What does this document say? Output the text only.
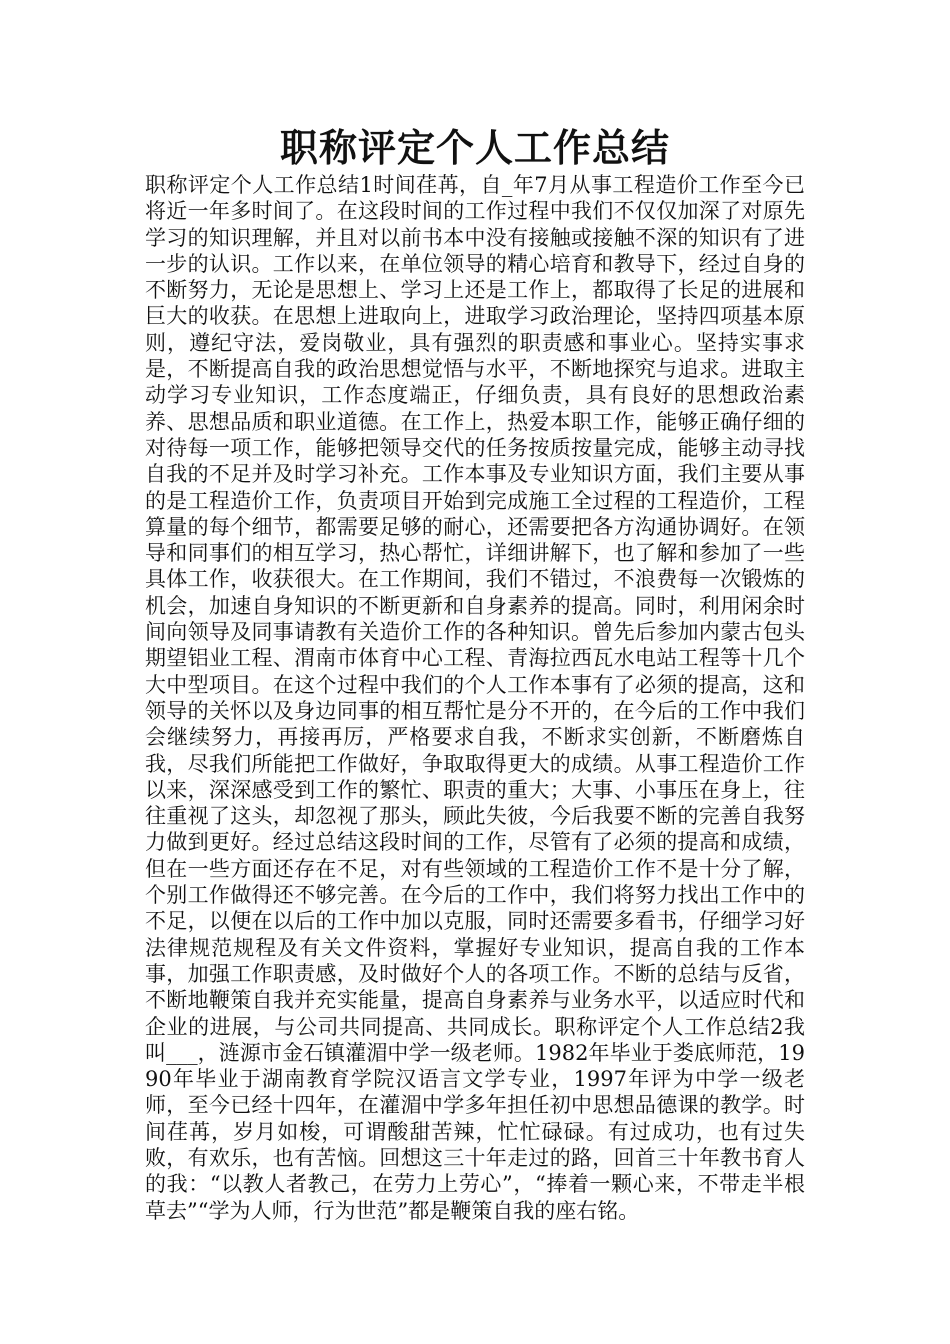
职称评定个人工作总结

职称评定个人工作总结1时间荏苒，自_年7月从事工程造价工作至今已将近一年多时间了。在这段时间的工作过程中我们不仅仅加深了对原先学习的知识理解，并且对以前书本中没有接触或接触不深的知识有了进一步的认识。工作以来，在单位领导的精心培育和教导下，经过自身的不断努力，无论是思想上、学习上还是工作上，都取得了长足的进展和巨大的收获。在思想上进取向上，进取学习政治理论，坚持四项基本原则，遵纪守法，爱岗敬业，具有强烈的职责感和事业心。坚持实事求是，不断提高自我的政治思想觉悟与水平，不断地探究与追求。进取主动学习专业知识，工作态度端正，仔细负责，具有良好的思想政治素养、思想品质和职业道德。在工作上，热爱本职工作，能够正确仔细的对待每一项工作，能够把领导交代的任务按质按量完成，能够主动寻找自我的不足并及时学习补充。工作本事及专业知识方面，我们主要从事的是工程造价工作，负责项目开始到完成施工全过程的工程造价，工程算量的每个细节，都需要足够的耐心，还需要把各方沟通协调好。在领导和同事们的相互学习，热心帮忙，详细讲解下，也了解和参加了一些具体工作，收获很大。在工作期间，我们不错过，不浪费每一次锻炼的机会，加速自身知识的不断更新和自身素养的提高。同时，利用闲余时间向领导及同事请教有关造价工作的各种知识。曾先后参加内蒙古包头期望铝业工程、渭南市体育中心工程、青海拉西瓦水电站工程等十几个大中型项目。在这个过程中我们的个人工作本事有了必须的提高，这和领导的关怀以及身边同事的相互帮忙是分不开的，在今后的工作中我们会继续努力，再接再厉，严格要求自我，不断求实创新，不断磨炼自我，尽我们所能把工作做好，争取取得更大的成绩。从事工程造价工作以来，深深感受到工作的繁忙、职责的重大；大事、小事压在身上，往往重视了这头，却忽视了那头，顾此失彼，今后我要不断的完善自我努力做到更好。经过总结这段时间的工作，尽管有了必须的提高和成绩，但在一些方面还存在不足，对有些领域的工程造价工作不是十分了解，个别工作做得还不够完善。在今后的工作中，我们将努力找出工作中的不足，以便在以后的工作中加以克服，同时还需要多看书，仔细学习好法律规范规程及有关文件资料，掌握好专业知识，提高自我的工作本事，加强工作职责感，及时做好个人的各项工作。不断的总结与反省，不断地鞭策自我并充实能量，提高自身素养与业务水平，以适应时代和企业的进展，与公司共同提高、共同成长。职称评定个人工作总结2我叫___，涟源市金石镇灌湄中学一级老师。1982年毕业于娄底师范，1990年毕业于湖南教育学院汉语言文学专业，1997年评为中学一级老师，至今已经十四年，在灌湄中学多年担任初中思想品德课的教学。时间荏苒，岁月如梭，可谓酸甜苦辣，忙忙碌碌。有过成功，也有过失败，有欢乐，也有苦恼。回想这三十年走过的路，回首三十年教书育人的我：“以教人者教己，在劳力上劳心”，“捧着一颗心来，不带走半根草去”“学为人师，行为世范”都是鞭策自我的座右铭。
